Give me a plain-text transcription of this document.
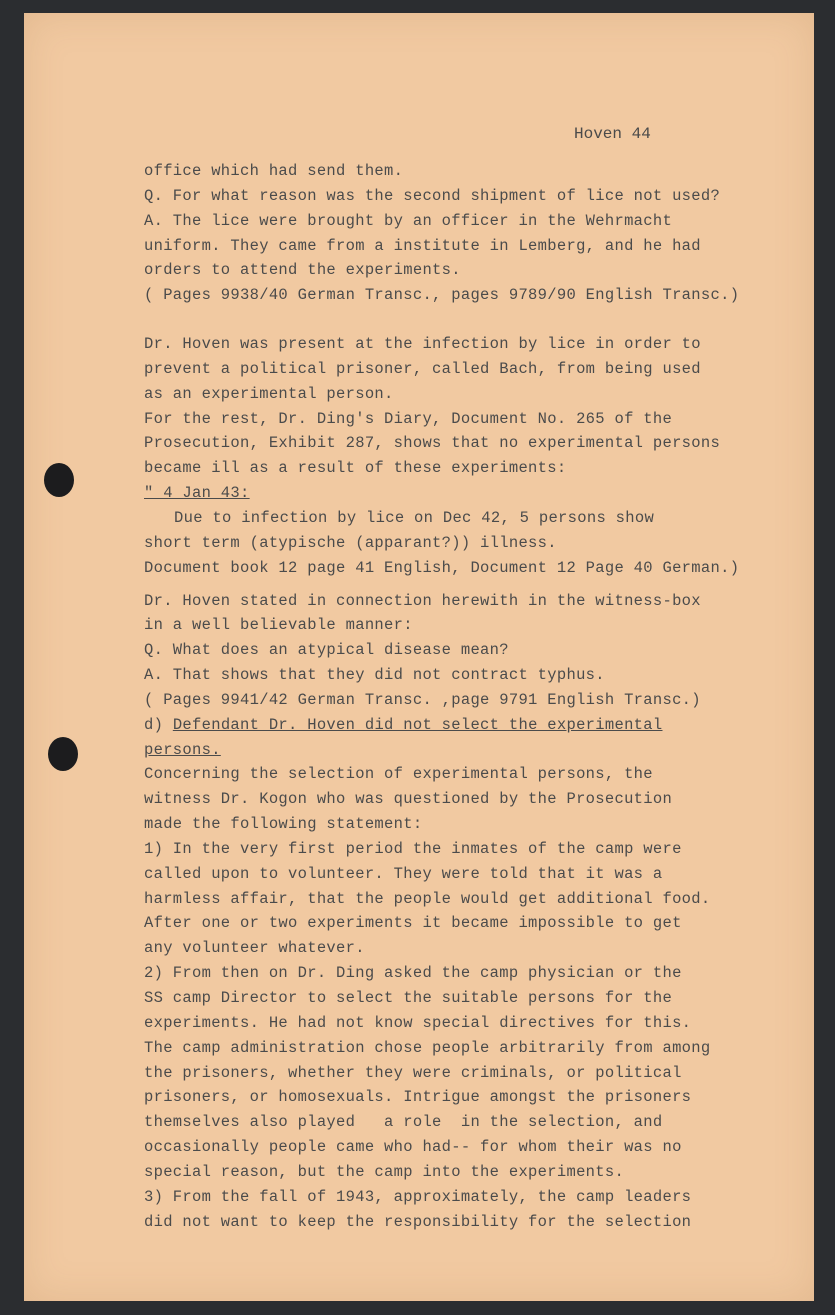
Hoven 44
office which had send them.
Q. For what reason was the second shipment of lice not used?
A. The lice were brought by an officer in the Wehrmacht
uniform. They came from a institute in Lemberg, and he had
orders to attend the experiments.
( Pages 9938/40 German Transc., pages 9789/90 English Transc.)
Dr. Hoven was present at the infection by lice in order to
prevent a political prisoner, called Bach, from being used
as an experimental person.
For the rest, Dr. Ding's Diary, Document No. 265 of the
Prosecution, Exhibit 287, shows that no experimental persons
became ill as a result of these experiments:
" 4 Jan 43:
Due to infection by lice on Dec 42, 5 persons show
short term (atypische (apparant?)) illness.
Document book 12 page 41 English, Document 12 Page 40 German.)
Dr. Hoven stated in connection herewith in the witness-box
in a well believable manner:
Q. What does an atypical disease mean?
A. That shows that they did not contract typhus.
( Pages 9941/42 German Transc. ,page 9791 English Transc.)
d) Defendant Dr. Hoven did not select the experimental
persons.
Concerning the selection of experimental persons, the
witness Dr. Kogon who was questioned by the Prosecution
made the following statement:
1) In the very first period the inmates of the camp were
called upon to volunteer. They were told that it was a
harmless affair, that the people would get additional food.
After one or two experiments it became impossible to get
any volunteer whatever.
2) From then on Dr. Ding asked the camp physician or the
SS camp Director to select the suitable persons for the
experiments. He had not know special directives for this.
The camp administration chose people arbitrarily from among
the prisoners, whether they were criminals, or political
prisoners, or homosexuals. Intrigue amongst the prisoners
themselves also played   a role  in the selection, and
occasionally people came who had-- for whom their was no
special reason, but the camp into the experiments.
3) From the fall of 1943, approximately, the camp leaders
did not want to keep the responsibility for the selection
